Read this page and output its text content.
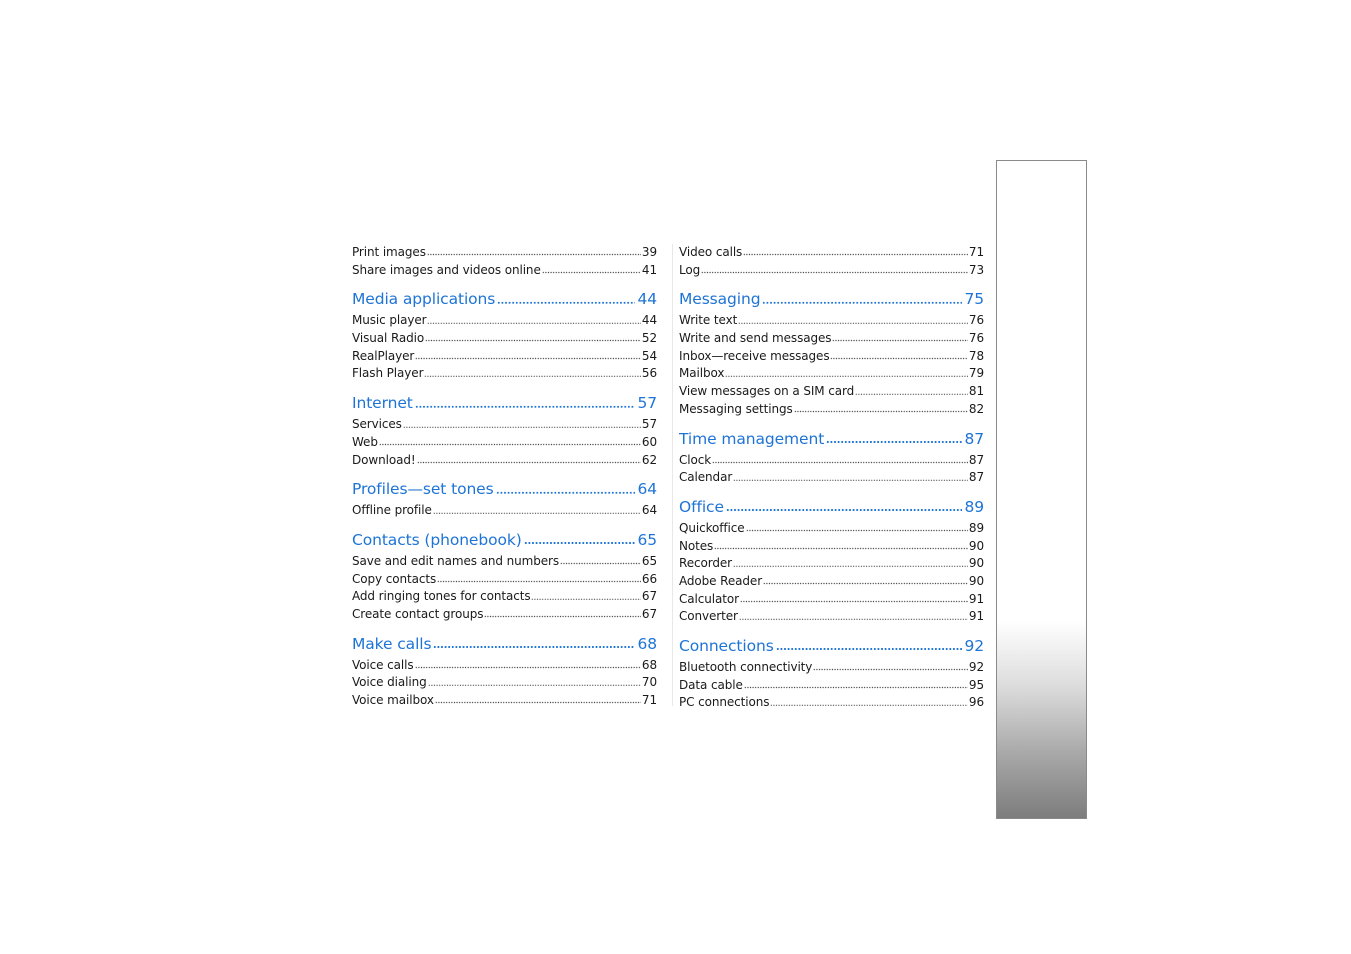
Print images	39
Share images and videos online	41
Media applications	44
Music player	44
Visual Radio	52
RealPlayer	54
Flash Player	56
Internet	57
Services	57
Web	60
Download!	62
Profiles—set tones	64
Offline profile	64
Contacts (phonebook)	65
Save and edit names and numbers	65
Copy contacts	66
Add ringing tones for contacts	67
Create contact groups	67
Make calls	68
Voice calls	68
Voice dialing	70
Voice mailbox	71
Video calls	71
Log	73
Messaging	75
Write text	76
Write and send messages	76
Inbox—receive messages	78
Mailbox	79
View messages on a SIM card	81
Messaging settings	82
Time management	87
Clock	87
Calendar	87
Office	89
Quickoffice	89
Notes	90
Recorder	90
Adobe Reader	90
Calculator	91
Converter	91
Connections	92
Bluetooth connectivity	92
Data cable	95
PC connections	96
